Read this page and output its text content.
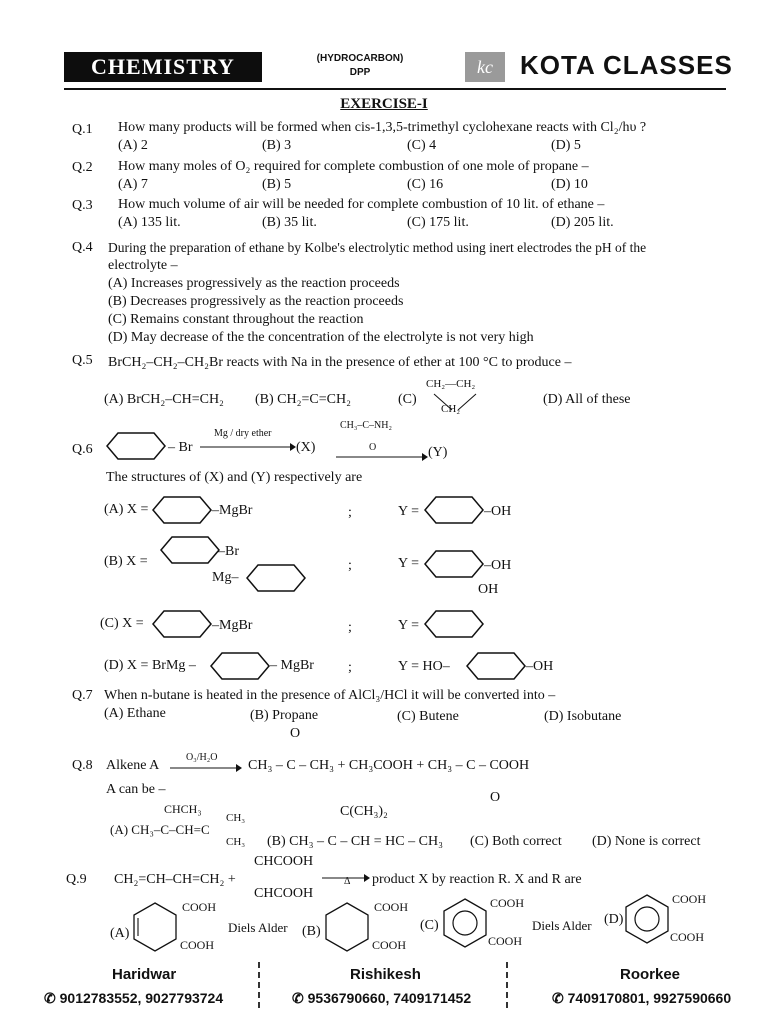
CHEMISTRY	(HYDROCARBON)
DPP	kc	KOTA CLASSES
EXERCISE-I
Q.1 How many products will be formed when cis-1,3,5-trimethyl cyclohexane reacts with Cl₂/hυ ?
(A) 2	(B) 3	(C) 4	(D) 5
Q.2 How many moles of O₂ required for complete combustion of one mole of propane –
(A) 7	(B) 5	(C) 16	(D) 10
Q.3 How much volume of air will be needed for complete combustion of 10 lit. of ethane –
(A) 135 lit.	(B) 35 lit.	(C) 175 lit.	(D) 205 lit.
Q.4 During the preparation of ethane by Kolbe's electrolytic method using inert electrodes the pH of the
electrolyte –
(A) Increases progressively as the reaction proceeds
(B) Decreases progressively as the reaction proceeds
(C) Remains constant throughout the reaction
(D) May decrease of the the concentration of the electrolyte is not very high
Q.5 BrCH₂–CH₂–CH₂Br reacts with Na in the presence of ether at 100 °C to produce –
(A) BrCH₂–CH=CH₂ (B) CH₂=C=CH₂	(C)
CH₂—CH₂
CH₂
(D) All of these
Q.6	– Br
Mg / dry ether
(X)
CH₃–C–NH₂
O	(Y)
The structures of (X) and (Y) respectively are
(A) X =	–MgBr	;	Y =	–OH
(B) X =
–Br
Mg–
;	Y =	–OH
OH
(C) X =	–MgBr	;	Y =
(D) X = BrMg –	– MgBr ;	Y = HO–	–OH
Q.7 When n-butane is heated in the presence of AlCl₃/HCl it will be converted into –
(A) Ethane	(B) Propane	(C) Butene	(D) Isobutane
O
Q.8 Alkene A
O₃/H₂O
CH₃ – C – CH₃ + CH₃COOH + CH₃ – C – COOH
O
A can be –
CHCH₃
(A) CH₃–C–CH=C
CH₃
CH₃
C(CH₃)₂
(B) CH₃ – C – CH = HC – CH₃ (C) Both correct (D) None is correct
CHCOOH
Q.9 CH₂=CH–CH=CH₂ +
CHCOOH
Δ product X by reaction R. X and R are
(A)
COOH
COOH
Diels Alder (B)
COOH
COOH
(C)
COOH
COOH
Diels Alder (D)
COOH
COOH
Haridwar
✆ 9012783552, 9027793724
Rishikesh
✆ 9536790660, 7409171452
Roorkee
✆ 7409170801, 9927590660
